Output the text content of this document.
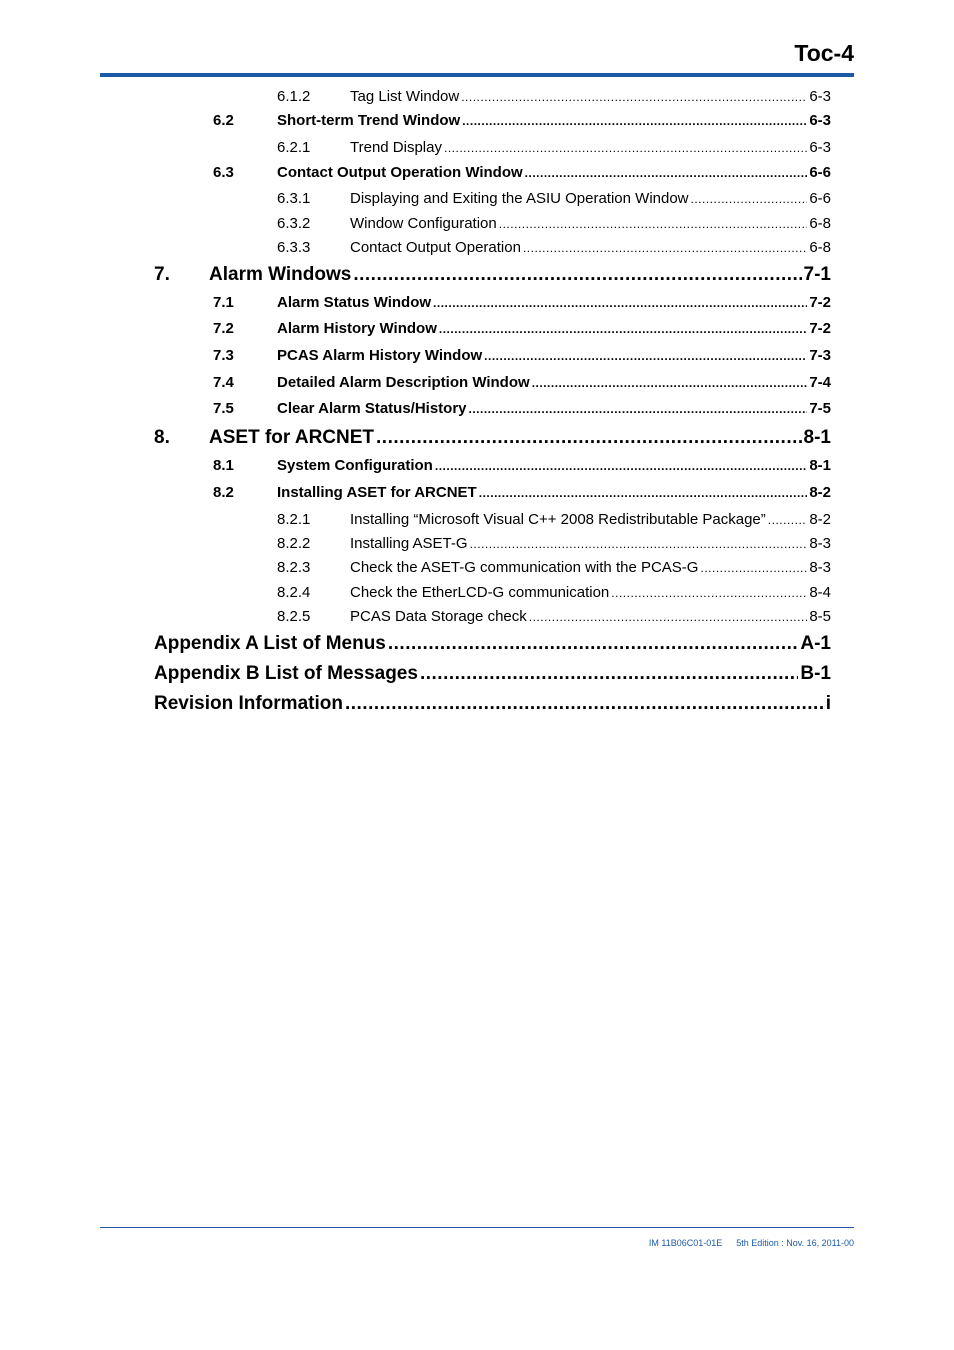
Toc-4
6.1.2	Tag List Window .....	6-3
6.2	Short-term Trend Window .....	6-3
6.2.1	Trend Display .....	6-3
6.3	Contact Output Operation Window .....	6-6
6.3.1	Displaying and Exiting the ASIU Operation Window .....	6-6
6.3.2	Window Configuration .....	6-8
6.3.3	Contact Output Operation .....	6-8
7. Alarm Windows .....	7-1
7.1	Alarm Status Window .....	7-2
7.2	Alarm History Window .....	7-2
7.3	PCAS Alarm History Window .....	7-3
7.4	Detailed Alarm Description Window .....	7-4
7.5	Clear Alarm Status/History .....	7-5
8. ASET for ARCNET .....	8-1
8.1	System Configuration .....	8-1
8.2	Installing ASET for ARCNET .....	8-2
8.2.1	Installing “Microsoft Visual C++ 2008 Redistributable Package” .....	8-2
8.2.2	Installing ASET-G .....	8-3
8.2.3	Check the ASET-G communication with the PCAS-G .....	8-3
8.2.4	Check the EtherLCD-G communication .....	8-4
8.2.5	PCAS Data Storage check .....	8-5
Appendix A List of Menus .....	A-1
Appendix B List of Messages .....	B-1
Revision Information .....	i
IM 11B06C01-01E 5th Edition : Nov. 16, 2011-00
